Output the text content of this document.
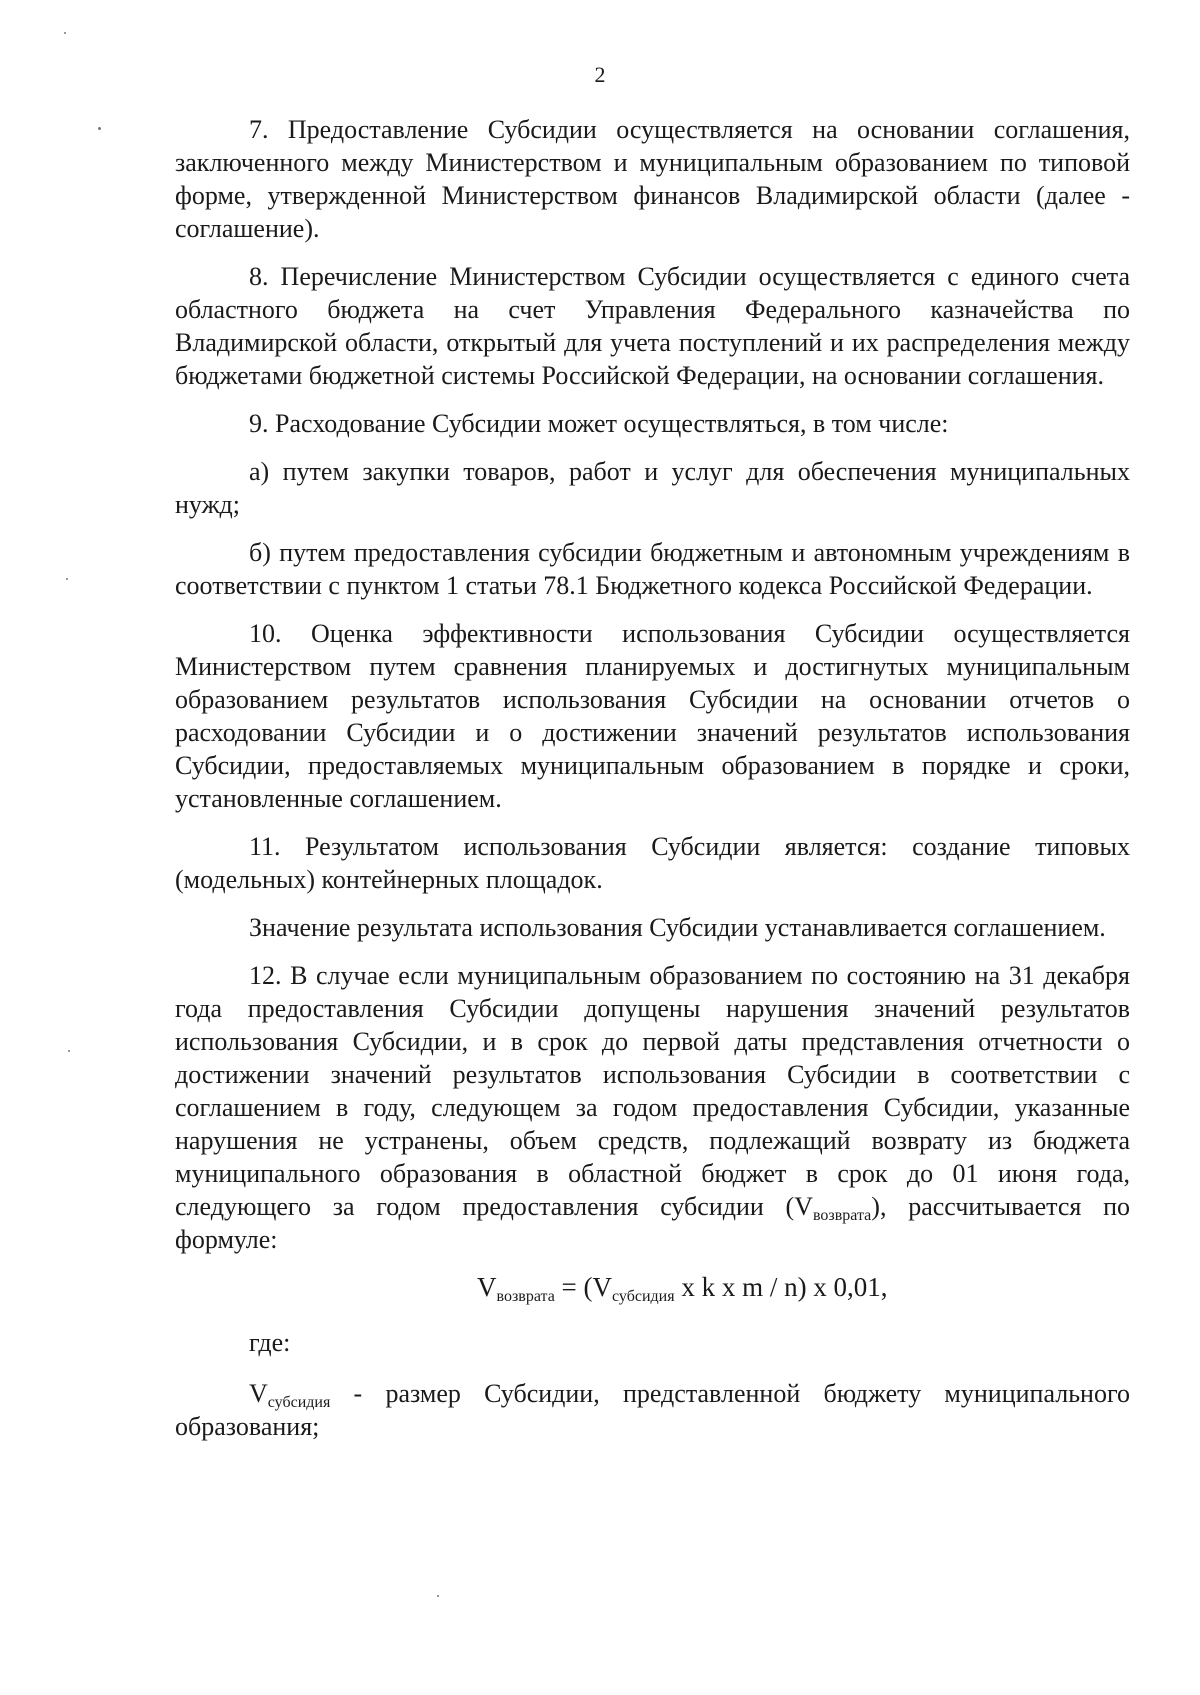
2

7. Предоставление Субсидии осуществляется на основании соглашения, заключенного между Министерством и муниципальным образованием по типовой форме, утвержденной Министерством финансов Владимирской области (далее - соглашение).

8. Перечисление Министерством Субсидии осуществляется с единого счета областного бюджета на счет Управления Федерального казначейства по Владимирской области, открытый для учета поступлений и их распределения между бюджетами бюджетной системы Российской Федерации, на основании соглашения.

9. Расходование Субсидии может осуществляться, в том числе:

а) путем закупки товаров, работ и услуг для обеспечения муниципальных нужд;

б) путем предоставления субсидии бюджетным и автономным учреждениям в соответствии с пунктом 1 статьи 78.1 Бюджетного кодекса Российской Федерации.

10. Оценка эффективности использования Субсидии осуществляется Министерством путем сравнения планируемых и достигнутых муниципальным образованием результатов использования Субсидии на основании отчетов о расходовании Субсидии и о достижении значений результатов использования Субсидии, предоставляемых муниципальным образованием в порядке и сроки, установленные соглашением.

11. Результатом использования Субсидии является: создание типовых (модельных) контейнерных площадок.

Значение результата использования Субсидии устанавливается соглашением.

12. В случае если муниципальным образованием по состоянию на 31 декабря года предоставления Субсидии допущены нарушения значений результатов использования Субсидии, и в срок до первой даты представления отчетности о достижении значений результатов использования Субсидии в соответствии с соглашением в году, следующем за годом предоставления Субсидии, указанные нарушения не устранены, объем средств, подлежащий возврату из бюджета муниципального образования в областной бюджет в срок до 01 июня года, следующего за годом предоставления субсидии $(V_{возврата})$, рассчитывается по формуле:

$V_{возврата} = (V_{субсидия}$ x k x m / n) x 0,01,

где:

$V_{субсидия}$ - размер Субсидии, представленной бюджету муниципального образования;
